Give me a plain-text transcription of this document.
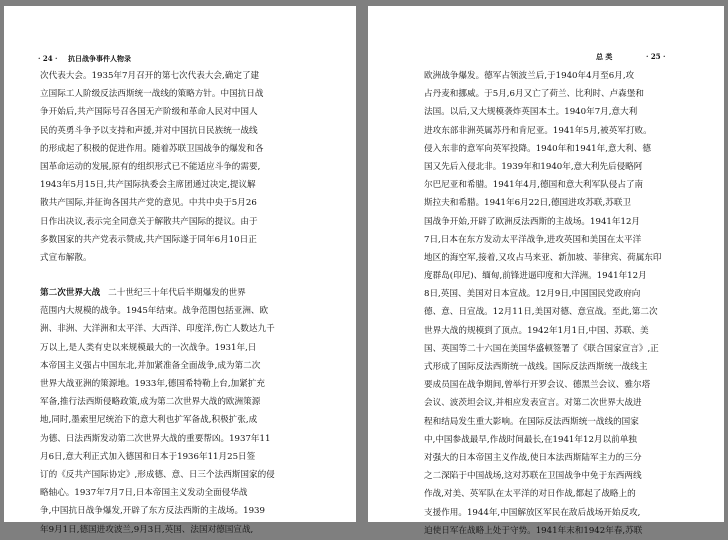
· 24 · 抗日战争事件人物录
次代表大会。1935年7月召开的第七次代表大会,确定了建
立国际工人阶级反法西斯统一战线的策略方针。中国抗日战
争开始后,共产国际号召各国无产阶级和革命人民对中国人
民的英勇斗争予以支持和声援,并对中国抗日民族统一战线
的形成起了积极的促进作用。随着苏联卫国战争的爆发和各
国革命运动的发展,原有的组织形式已不能适应斗争的需要,
1943年5月15日,共产国际执委会主席团通过决定,提议解
散共产国际,并征询各国共产党的意见。中共中央于5月26
日作出决议,表示完全同意关于解散共产国际的提议。由于
多数国家的共产党表示赞成,共产国际遂于同年6月10日正
式宣布解散。
第二次世界大战 二十世纪三十年代后半期爆发的世界
范围内大规模的战争。1945年结束。战争范围包括亚洲、欧
洲、非洲、大洋洲和太平洋、大西洋、印度洋,伤亡人数达九千
万以上,是人类有史以来规模最大的一次战争。1931年,日
本帝国主义强占中国东北,并加紧准备全面战争,成为第二次
世界大战亚洲的策源地。1933年,德国希特勒上台,加紧扩充
军备,推行法西斯侵略政策,成为第二次世界大战的欧洲策源
地,同时,墨索里尼统治下的意大利也扩军备战,积极扩张,成
为德、日法西斯发动第二次世界大战的重要帮凶。1937年11
月6日,意大利正式加入德国和日本于1936年11月25日签
订的《反共产国际协定》,形成德、意、日三个法西斯国家的侵
略轴心。1937年7月7日,日本帝国主义发动全面侵华战
争,中国抗日战争爆发,开辟了东方反法西斯的主战场。1939
年9月1日,德国进攻波兰,9月3日,英国、法国对德国宣战,
总 类	· 25 ·
欧洲战争爆发。德军占领波兰后,于1940年4月至6月,攻
占丹麦和挪威。于5月,6月又亡了荷兰、比利时、卢森堡和
法国。以后,又大规模袭炸英国本土。1940年7月,意大利
进攻东部非洲英属苏丹和肯尼亚。1941年5月,被英军打败。
侵入东非的意军向英军投降。1940年和1941年,意大利、德
国又先后入侵北非。1939年和1940年,意大利先后侵略阿
尔巴尼亚和希腊。1941年4月,德国和意大利军队侵占了南
斯拉夫和希腊。1941年6月22日,德国进攻苏联,苏联卫
国战争开始,开辟了欧洲反法西斯的主战场。1941年12月
7日,日本在东方发动太平洋战争,进攻英国和美国在太平洋
地区的海空军,接着,又攻占马来亚、新加坡、菲律宾、荷属东印
度群岛(印尼)、缅甸,前锋进逼印度和大洋洲。1941年12月
8日,英国、美国对日本宣战。12月9日,中国国民党政府向
德、意、日宣战。12月11日,美国对德、意宣战。至此,第二次
世界大战的规模到了顶点。1942年1月1日,中国、苏联、美
国、英国等二十六国在美国华盛顿签署了《联合国家宣言》,正
式形成了国际反法西斯统一战线。国际反法西斯统一战线主
要成员国在战争期间,曾举行开罗会议、德黑兰会议、雅尔塔
会议、波茨坦会议,并相应发表宣言。对第二次世界大战进
程和结局发生重大影响。在国际反法西斯统一战线的国家
中,中国参战最早,作战时间最长,在1941年12月以前单独
对强大的日本帝国主义作战,使日本法西斯陆军主力的三分
之二深陷于中国战场,这对苏联在卫国战争中免于东西两线
作战,对美、英军队在太平洋的对日作战,都起了战略上的
支援作用。1944年,中国解放区军民在敌后战场开始反攻,
迫使日军在战略上处于守势。1941年末和1942年春,苏联
